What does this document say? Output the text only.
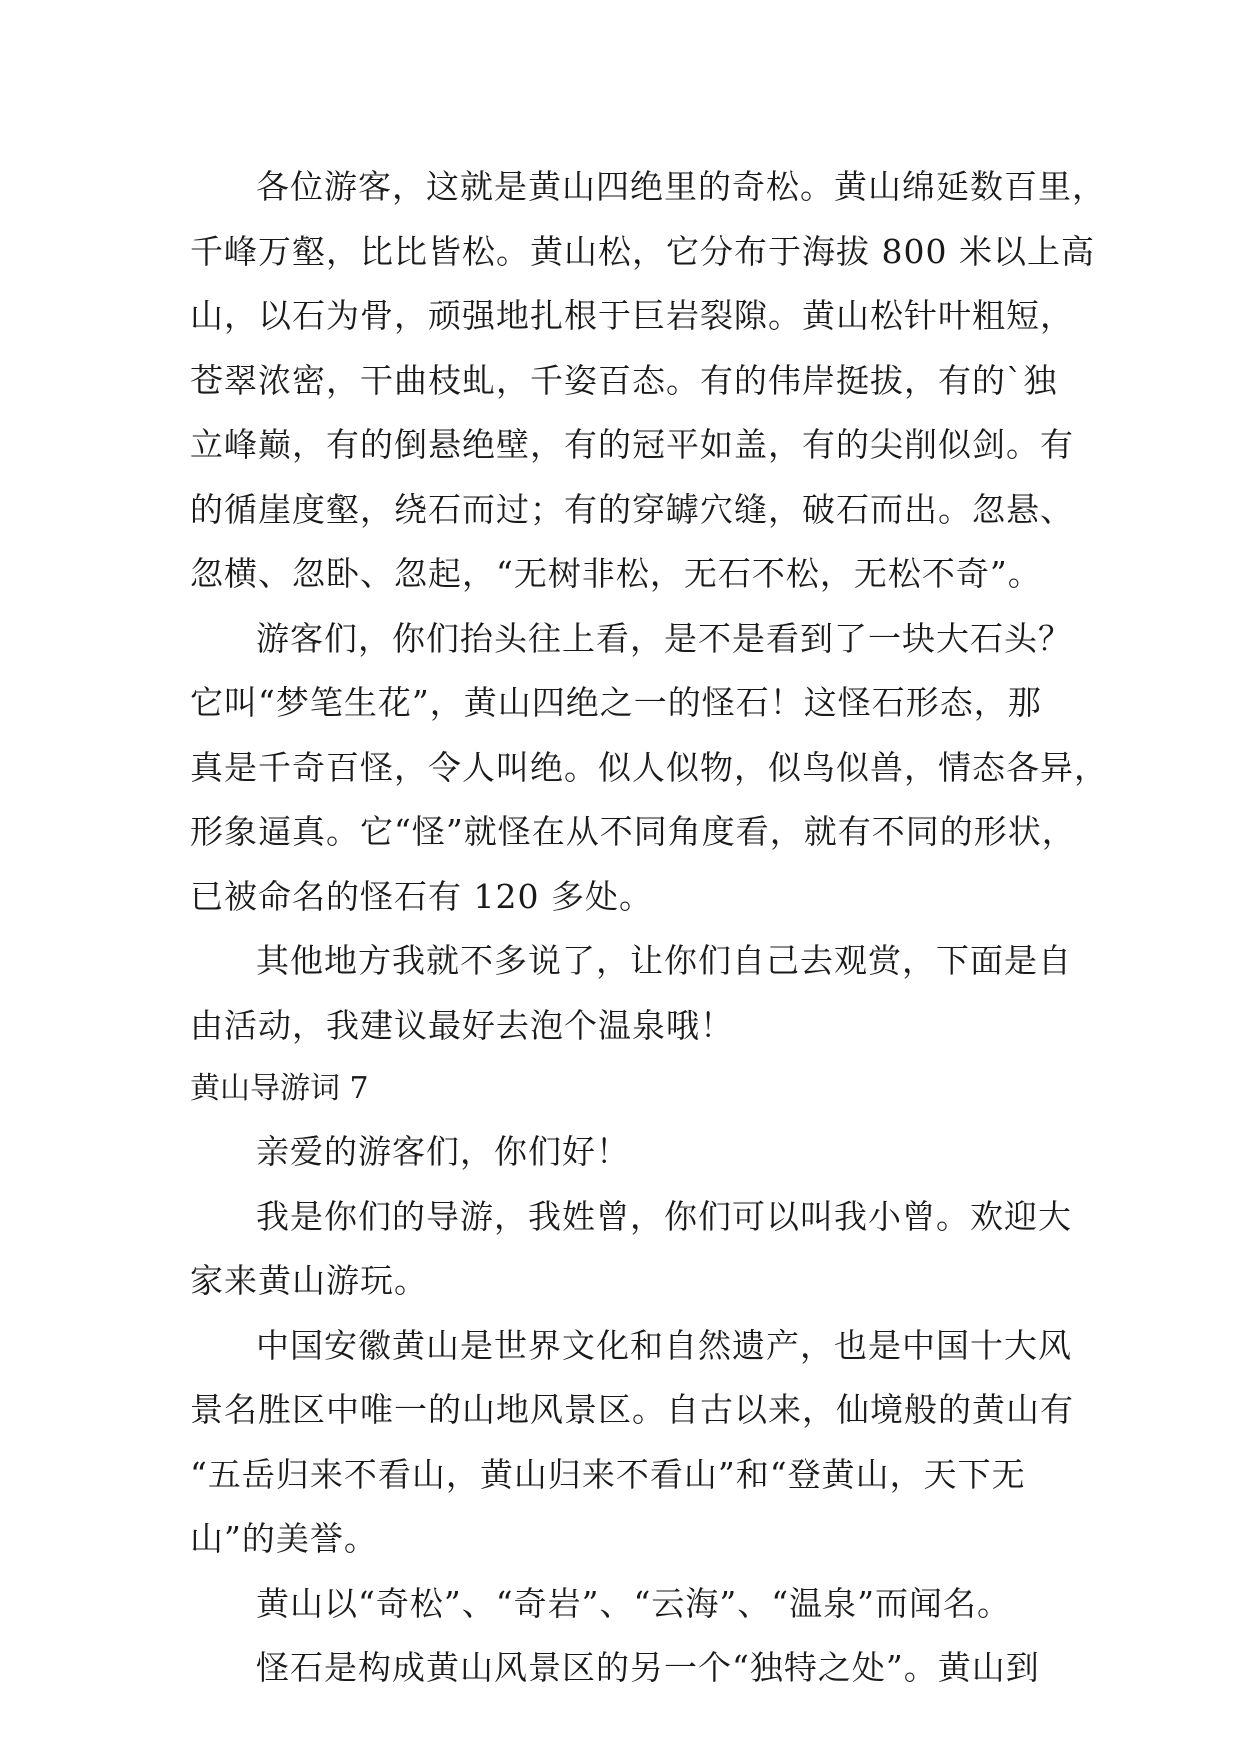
各位游客，这就是黄山四绝里的奇松。黄山绵延数百里，
千峰万壑，比比皆松。黄山松，它分布于海拔 800 米以上高
山，以石为骨，顽强地扎根于巨岩裂隙。黄山松针叶粗短，
苍翠浓密，干曲枝虬，千姿百态。有的伟岸挺拔，有的`独
立峰巅，有的倒悬绝壁，有的冠平如盖，有的尖削似剑。有
的循崖度壑，绕石而过；有的穿罅穴缝，破石而出。忽悬、
忽横、忽卧、忽起，“无树非松，无石不松，无松不奇”。
游客们，你们抬头往上看，是不是看到了一块大石头？
它叫“梦笔生花”，黄山四绝之一的怪石！这怪石形态，那
真是千奇百怪，令人叫绝。似人似物，似鸟似兽，情态各异，
形象逼真。它“怪”就怪在从不同角度看，就有不同的形状，
已被命名的怪石有 120 多处。
其他地方我就不多说了，让你们自己去观赏，下面是自
由活动，我建议最好去泡个温泉哦！
黄山导游词 7
亲爱的游客们，你们好！
我是你们的导游，我姓曾，你们可以叫我小曾。欢迎大
家来黄山游玩。
中国安徽黄山是世界文化和自然遗产，也是中国十大风
景名胜区中唯一的山地风景区。自古以来，仙境般的黄山有
“五岳归来不看山，黄山归来不看山”和“登黄山，天下无
山”的美誉。
黄山以“奇松”、“奇岩”、“云海”、“温泉”而闻名。
怪石是构成黄山风景区的另一个“独特之处”。黄山到
